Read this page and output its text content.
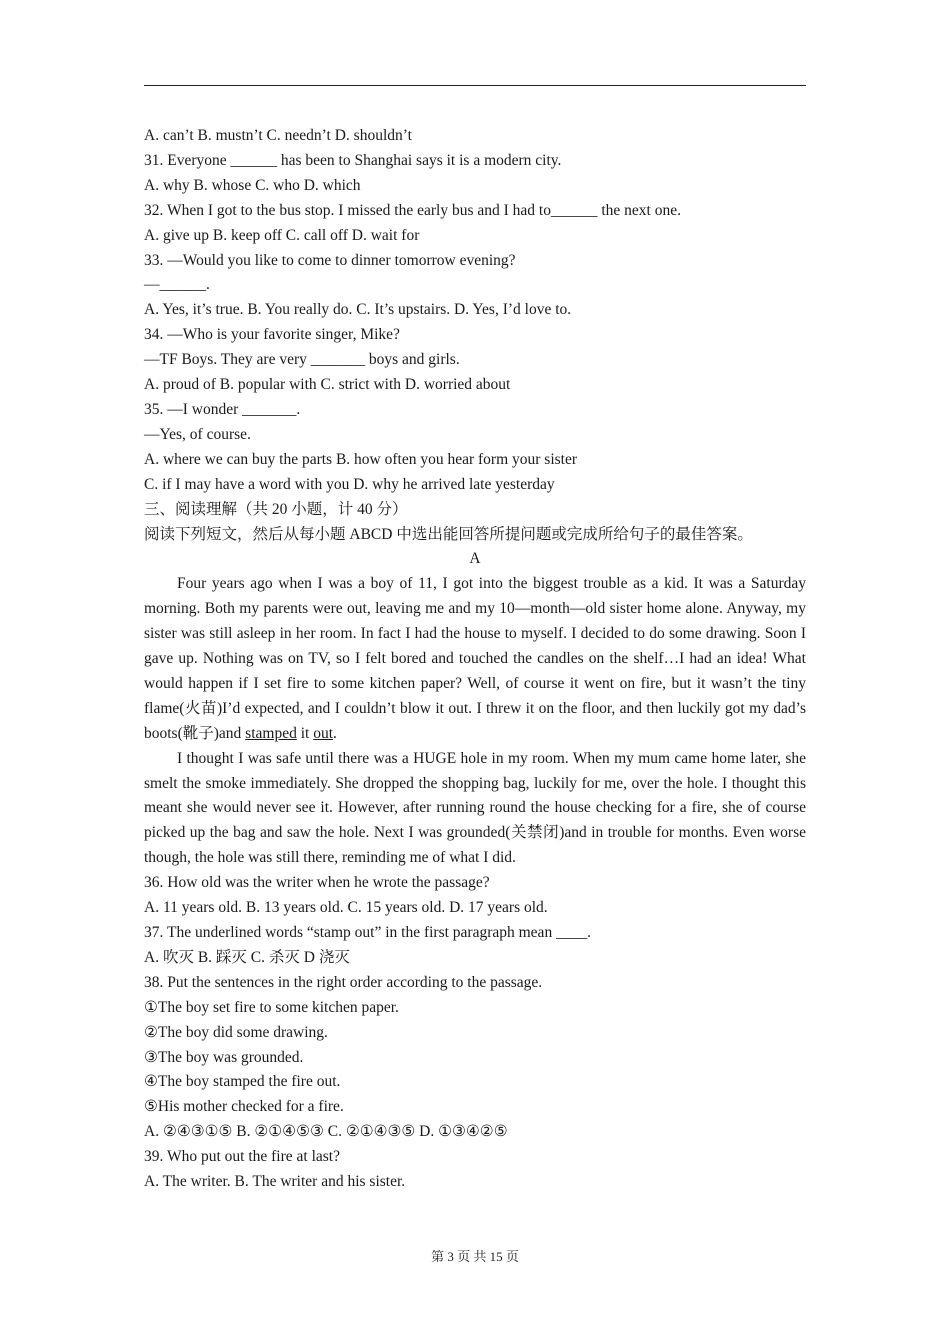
A. can’t B. mustn’t C. needn’t D. shouldn’t
31. Everyone ______ has been to Shanghai says it is a modern city.
A. why B. whose C. who D. which
32. When I got to the bus stop. I missed the early bus and I had to______ the next one.
A. give up B. keep off C. call off D. wait for
33. —Would you like to come to dinner tomorrow evening?
—______.
A. Yes, it’s true. B. You really do. C. It’s upstairs. D. Yes, I’d love to.
34. —Who is your favorite singer, Mike?
—TF Boys. They are very _______ boys and girls.
A. proud of B. popular with C. strict with D. worried about
35. —I wonder _______.
—Yes, of course.
A. where we can buy the parts B. how often you hear form your sister
C. if I may have a word with you D. why he arrived late yesterday
三、阅读理解（共 20 小题，计 40 分）
阅读下列短文，然后从每小题 ABCD 中选出能回答所提问题或完成所给句子的最佳答案。
A
Four years ago when I was a boy of 11, I got into the biggest trouble as a kid. It was a Saturday morning. Both my parents were out, leaving me and my 10—month—old sister home alone. Anyway, my sister was still asleep in her room. In fact I had the house to myself. I decided to do some drawing. Soon I gave up. Nothing was on TV, so I felt bored and touched the candles on the shelf…I had an idea! What would happen if I set fire to some kitchen paper? Well, of course it went on fire, but it wasn’t the tiny flame(火苗)I’d expected, and I couldn’t blow it out. I threw it on the floor, and then luckily got my dad’s boots(靴子)and stamped it out.
I thought I was safe until there was a HUGE hole in my room. When my mum came home later, she smelt the smoke immediately. She dropped the shopping bag, luckily for me, over the hole. I thought this meant she would never see it. However, after running round the house checking for a fire, she of course picked up the bag and saw the hole. Next I was grounded(关禁闭)and in trouble for months. Even worse though, the hole was still there, reminding me of what I did.
36. How old was the writer when he wrote the passage?
A. 11 years old. B. 13 years old. C. 15 years old. D. 17 years old.
37. The underlined words “stamp out” in the first paragraph mean ____.
A. 吹灭 B. 踩灭 C. 杀灭 D 浇灭
38. Put the sentences in the right order according to the passage.
①The boy set fire to some kitchen paper.
②The boy did some drawing.
③The boy was grounded.
④The boy stamped the fire out.
⑤His mother checked for a fire.
A. ②④③①⑤ B. ②①④⑤③ C. ②①④③⑤ D. ①③④②⑤
39. Who put out the fire at last?
A. The writer. B. The writer and his sister.
第 3 页 共 15 页
